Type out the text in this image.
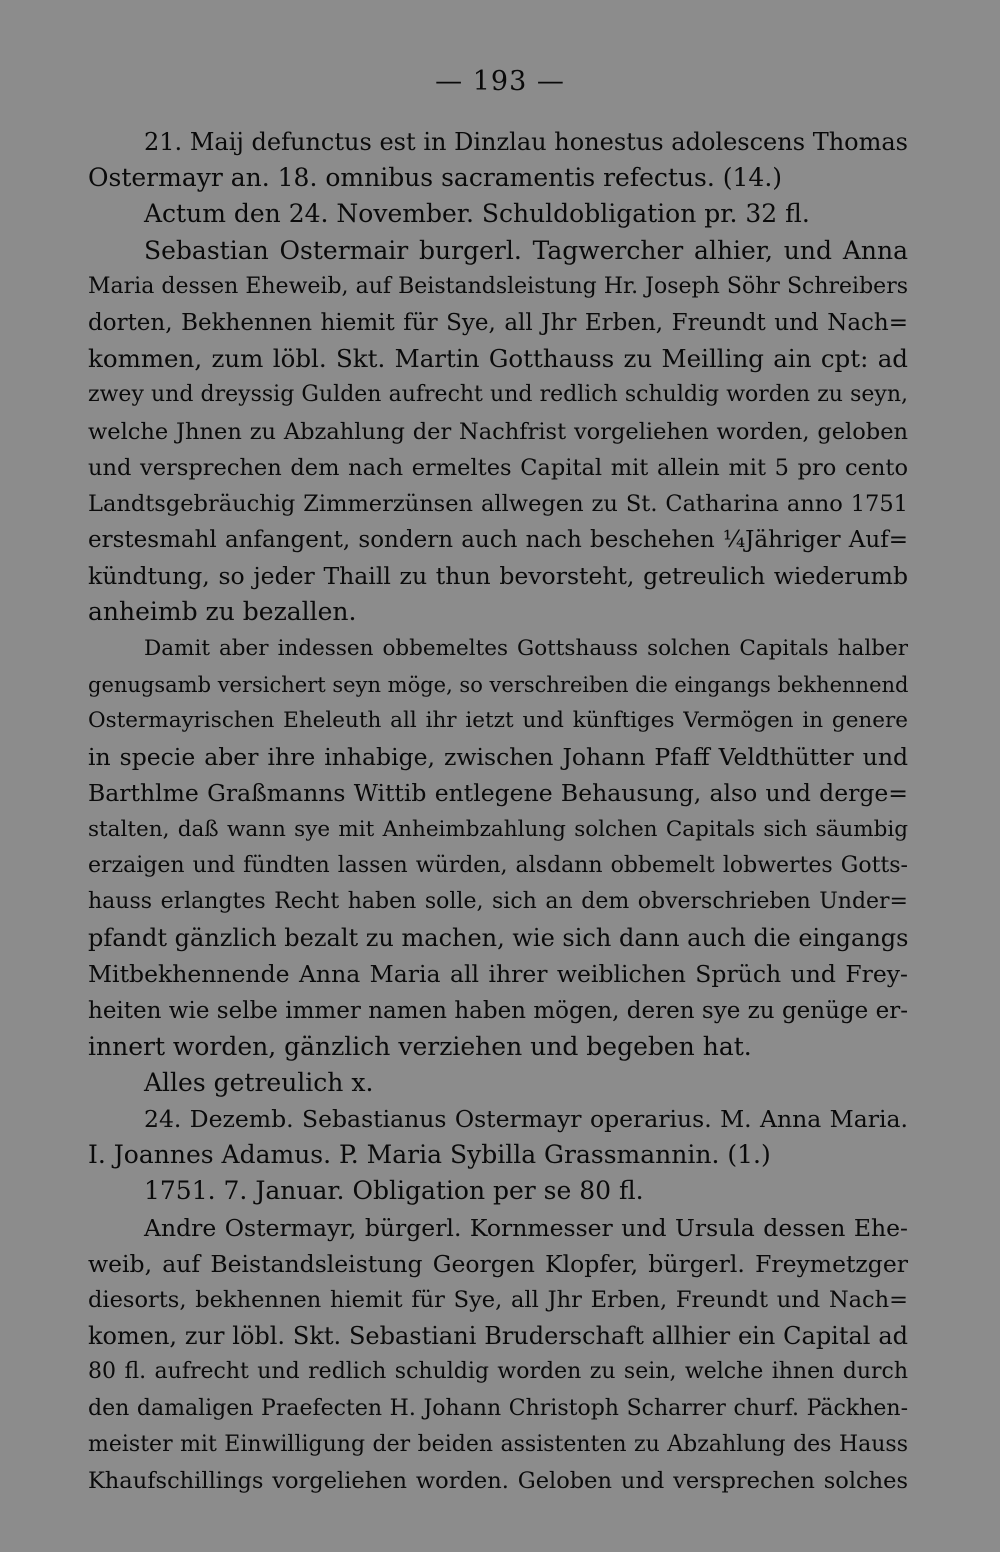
— 193 —
21. Maij defunctus est in Dinzlau honestus adolescens Thomas
Ostermayr an. 18. omnibus sacramentis refectus. (14.)
Actum den 24. November. Schuldobligation pr. 32 fl.
Sebastian Ostermair burgerl. Tagwercher alhier, und Anna
Maria dessen Eheweib, auf Beistandsleistung Hr. Joseph Söhr Schreibers
dorten, Bekhennen hiemit für Sye, all Jhr Erben, Freundt und Nach=
kommen, zum löbl. Skt. Martin Gotthauss zu Meilling ain cpt: ad
zwey und dreyssig Gulden aufrecht und redlich schuldig worden zu seyn,
welche Jhnen zu Abzahlung der Nachfrist vorgeliehen worden, geloben
und versprechen dem nach ermeltes Capital mit allein mit 5 pro cento
Landtsgebräuchig Zimmerzünsen allwegen zu St. Catharina anno 1751
erstesmahl anfangent, sondern auch nach beschehen ¼Jähriger Auf=
kündtung, so jeder Thaill zu thun bevorsteht, getreulich wiederumb
anheimb zu bezallen.
Damit aber indessen obbemeltes Gottshauss solchen Capitals halber
genugsamb versichert seyn möge, so verschreiben die eingangs bekhennend
Ostermayrischen Eheleuth all ihr ietzt und künftiges Vermögen in genere
in specie aber ihre inhabige, zwischen Johann Pfaff Veldthütter und
Barthlme Graßmanns Wittib entlegene Behausung, also und derge=
stalten, daß wann sye mit Anheimbzahlung solchen Capitals sich säumbig
erzaigen und fündten lassen würden, alsdann obbemelt lobwertes Gotts-
hauss erlangtes Recht haben solle, sich an dem obverschrieben Under=
pfandt gänzlich bezalt zu machen, wie sich dann auch die eingangs
Mitbekhennende Anna Maria all ihrer weiblichen Sprüch und Frey-
heiten wie selbe immer namen haben mögen, deren sye zu genüge er-
innert worden, gänzlich verziehen und begeben hat.
Alles getreulich x.
24. Dezemb. Sebastianus Ostermayr operarius. M. Anna Maria.
I. Joannes Adamus. P. Maria Sybilla Grassmannin. (1.)
1751. 7. Januar. Obligation per se 80 fl.
Andre Ostermayr, bürgerl. Kornmesser und Ursula dessen Ehe-
weib, auf Beistandsleistung Georgen Klopfer, bürgerl. Freymetzger
diesorts, bekhennen hiemit für Sye, all Jhr Erben, Freundt und Nach=
komen, zur löbl. Skt. Sebastiani Bruderschaft allhier ein Capital ad
80 fl. aufrecht und redlich schuldig worden zu sein, welche ihnen durch
den damaligen Praefecten H. Johann Christoph Scharrer churf. Päckhen-
meister mit Einwilligung der beiden assistenten zu Abzahlung des Hauss
Khaufschillings vorgeliehen worden. Geloben und versprechen solches
